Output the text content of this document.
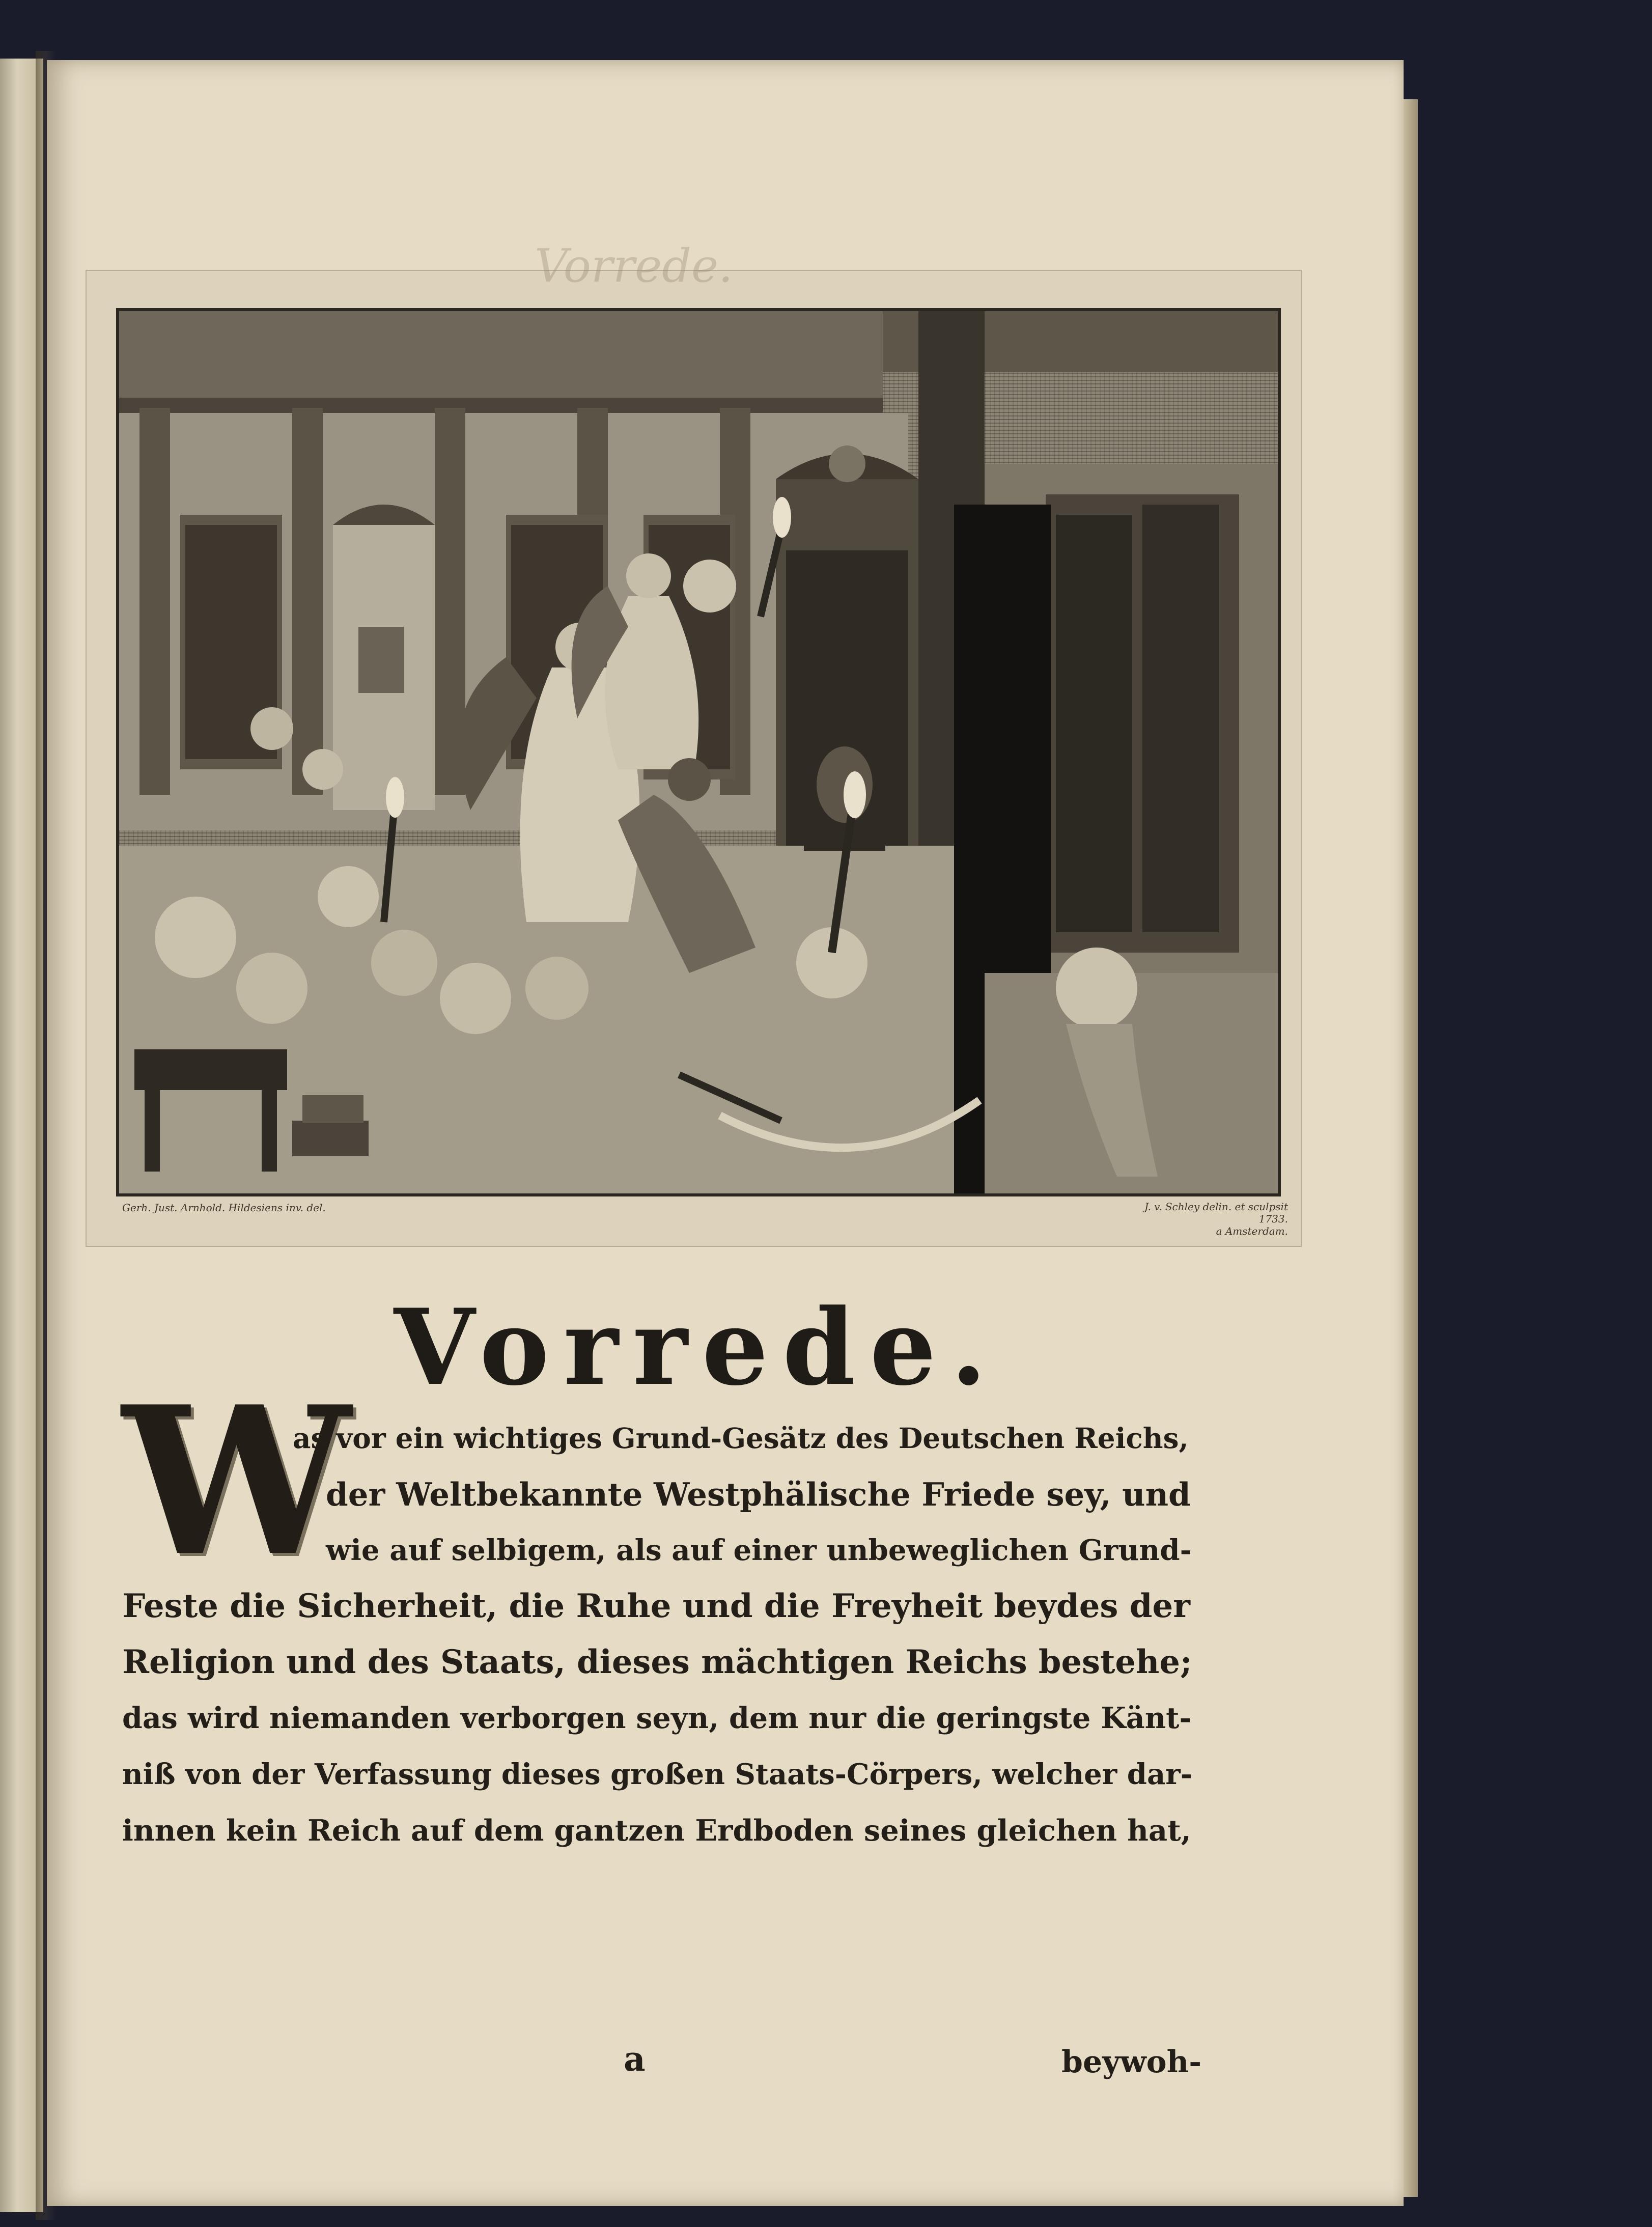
Gerh. Just. Arnhold. Hildesiens inv. del.	J. v. Schley delin. et sculpsit 1733.
a Amsterdam.
Vorrede.
Vorrede.
W
as vor ein wichtiges Grund-Gesätz des Deutschen Reichs,
der Weltbekannte Westphälische Friede sey, und
wie auf selbigem, als auf einer unbeweglichen Grund-
Feste die Sicherheit, die Ruhe und die Freyheit beydes der
Religion und des Staats, dieses mächtigen Reichs bestehe;
das wird niemanden verborgen seyn, dem nur die geringste Känt-
niß von der Verfassung dieses großen Staats-Cörpers, welcher dar-
innen kein Reich auf dem gantzen Erdboden seines gleichen hat,
a	beywoh-
